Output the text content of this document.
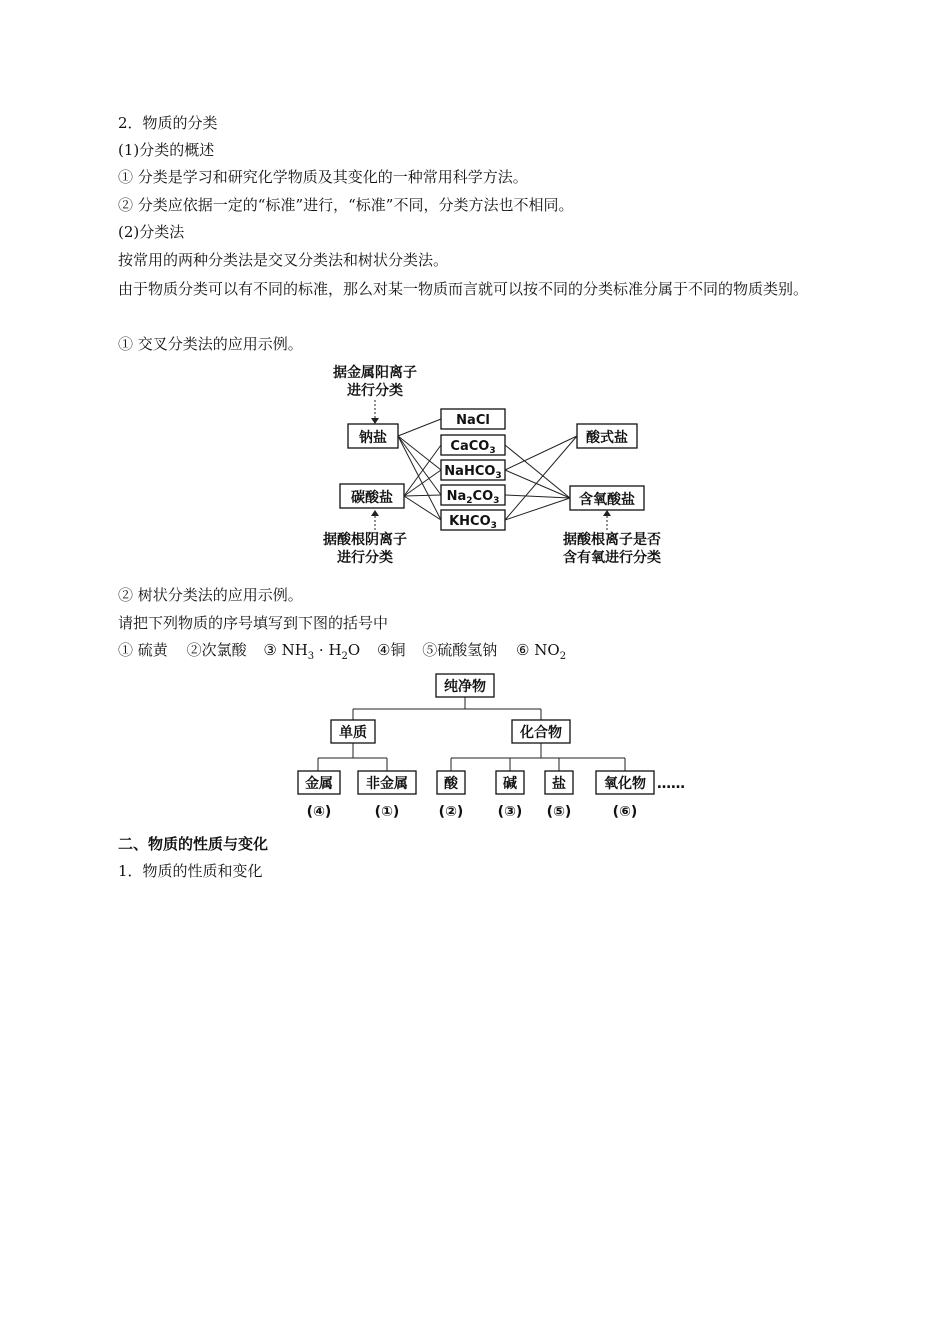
2．物质的分类
(1)分类的概述
① 分类是学习和研究化学物质及其变化的一种常用科学方法。
② 分类应依据一定的“标准”进行，“标准”不同，分类方法也不相同。
(2)分类法
按常用的两种分类法是交叉分类法和树状分类法。
由于物质分类可以有不同的标准，那么对某一物质而言就可以按不同的分类标准分属于不同的物质类别。
① 交叉分类法的应用示例。
据金属阳离子
进行分类
钠盐
碳酸盐
据酸根阴离子
进行分类
NaCl
CaCO$_3$
NaHCO$_3$
$Na_2CO_3$
$KHCO_3$
酸式盐
含氧酸盐
据酸根离子是否
含有氧进行分类
② 树状分类法的应用示例。
请把下列物质的序号填写到下图的括号中
① 硫黄 ②次氯酸 ③ $NH_3 \cdot H_2O$ ④铜 ⑤硫酸氢钠 ⑥ $NO_2$
纯净物
单质	化合物
金属 非金属	酸	碱	盐	氧化物 ……
(④)	(①)	(②) (③) (⑤)	(⑥)
二、物质的性质与变化
1．物质的性质和变化
